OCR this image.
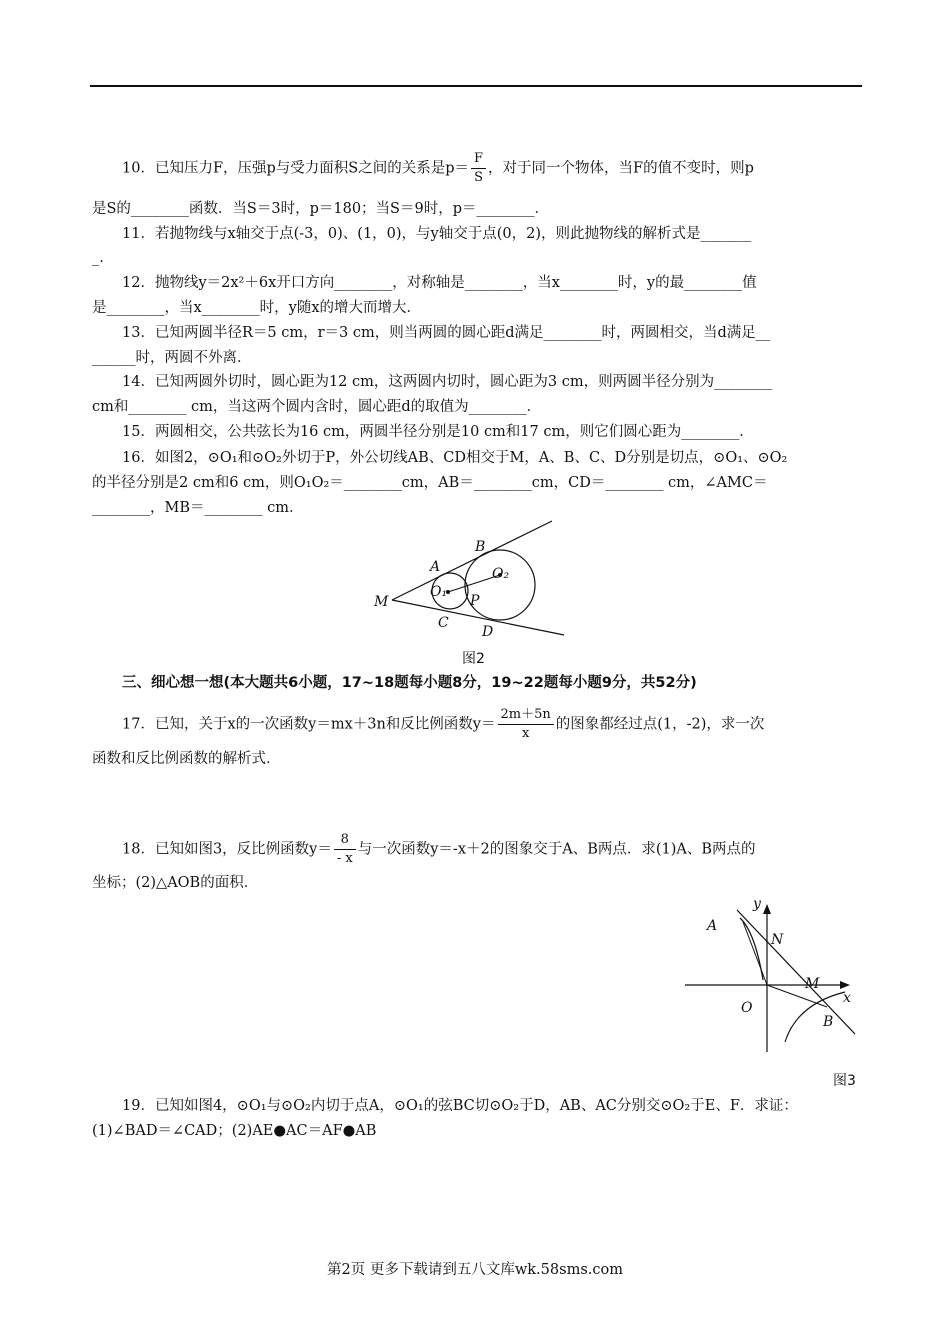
10．已知压力F，压强p与受力面积S之间的关系是$p= \frac{F}{S}$ ，对于同一个物体，当F的值不变时，则p
是S的________函数．当S＝3时，p＝180；当S＝9时，p＝________．
11．若抛物线与x轴交于点(-3，0)、(1，0)，与y轴交于点(0，2)，则此抛物线的解析式是_______
_．
12．抛物线y＝2x²＋6x开口方向________，对称轴是________，当x________时，y的最________值
是________，当x________时，y随x的增大而增大．
13．已知两圆半径R＝5 cm，r＝3 cm，则当两圆的圆心距d满足________时，两圆相交，当d满足__
______时，两圆不外离．
14．已知两圆外切时，圆心距为12 cm，这两圆内切时，圆心距为3 cm，则两圆半径分别为________
cm和________ cm，当这两个圆内含时，圆心距d的取值为________．
15．两圆相交，公共弦长为16 cm，两圆半径分别是10 cm和17 cm，则它们圆心距为________．
16．如图2，⊙O₁和⊙O₂外切于P，外公切线AB、CD相交于M，A、B、C、D分别是切点，⊙O₁、⊙O₂
的半径分别是2 cm和6 cm，则O₁O₂＝________cm，AB＝________cm，CD＝________ cm，∠AMC＝
________，MB＝________ cm．
A
B
M
O₁
O₂
P
C
D
图2
三、细心想一想(本大题共6小题，17~18题每小题8分，19~22题每小题9分，共52分)
17．已知，关于x的一次函数y＝mx＋3n和反比例函数$y= \frac{2m+5n}{x}$ 的图象都经过点(1，-2)，求一次
函数和反比例函数的解析式．
18．已知如图3，反比例函数$y= \frac{8}{- x}$ 与一次函数y＝-x＋2的图象交于A、B两点．求(1)A、B两点的
坐标；(2)△AOB的面积．
A
N
M
O
B
x
y
图3
19．已知如图4，⊙O₁与⊙O₂内切于点A，⊙O₁的弦BC切⊙O₂于D，AB、AC分别交⊙O₂于E、F．求证：
(1)∠BAD＝∠CAD；(2)AE●AC＝AF●AB
第2页 更多下载请到五八文库wk.58sms.com
